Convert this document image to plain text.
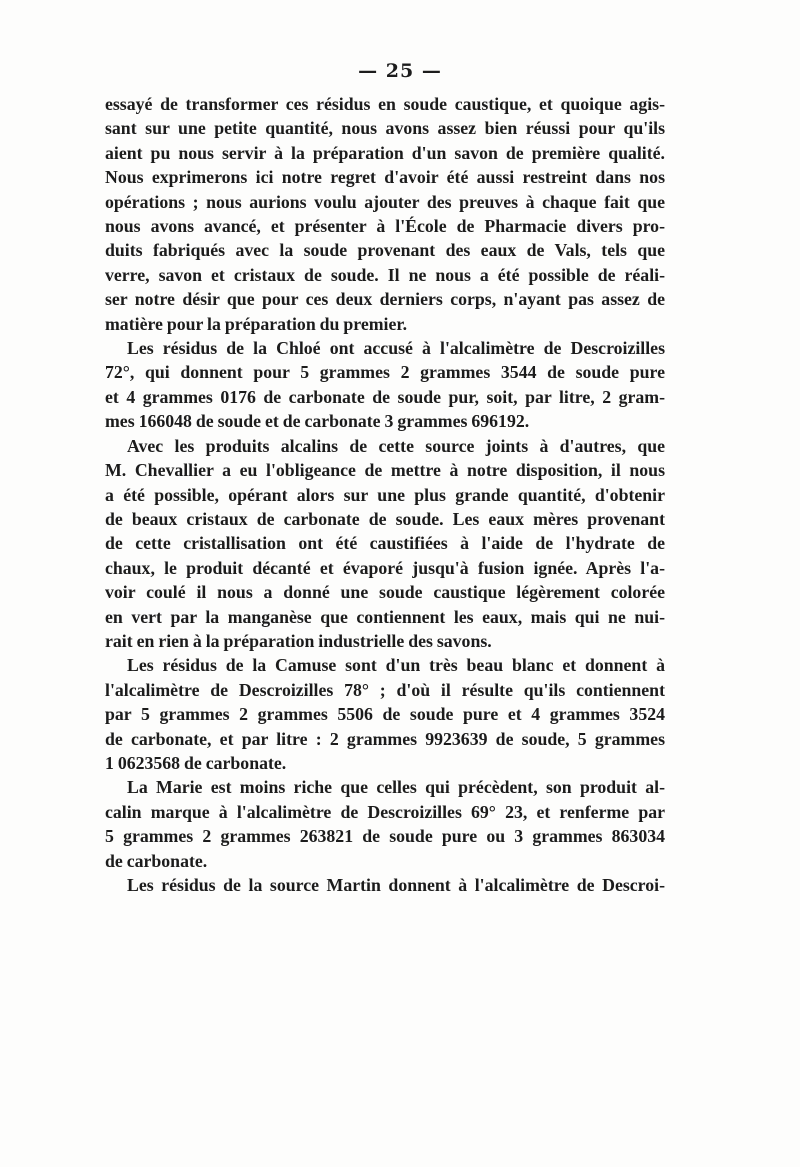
— 25 —

essayé de transformer ces résidus en soude caustique, et quoique agis-
sant sur une petite quantité, nous avons assez bien réussi pour qu'ils
aient pu nous servir à la préparation d'un savon de première qualité.
Nous exprimerons ici notre regret d'avoir été aussi restreint dans nos
opérations ; nous aurions voulu ajouter des preuves à chaque fait que
nous avons avancé, et présenter à l'École de Pharmacie divers pro-
duits fabriqués avec la soude provenant des eaux de Vals, tels que
verre, savon et cristaux de soude. Il ne nous a été possible de réali-
ser notre désir que pour ces deux derniers corps, n'ayant pas assez de
matière pour la préparation du premier.

Les résidus de la Chloé ont accusé à l'alcalimètre de Descroizilles
72°, qui donnent pour 5 grammes 2 grammes 3544 de soude pure
et 4 grammes 0176 de carbonate de soude pur, soit, par litre, 2 gram-
mes 166048 de soude et de carbonate 3 grammes 696192.

Avec les produits alcalins de cette source joints à d'autres, que
M. Chevallier a eu l'obligeance de mettre à notre disposition, il nous
a été possible, opérant alors sur une plus grande quantité, d'obtenir
de beaux cristaux de carbonate de soude. Les eaux mères provenant
de cette cristallisation ont été caustifiées à l'aide de l'hydrate de
chaux, le produit décanté et évaporé jusqu'à fusion ignée. Après l'a-
voir coulé il nous a donné une soude caustique légèrement colorée
en vert par la manganèse que contiennent les eaux, mais qui ne nui-
rait en rien à la préparation industrielle des savons.

Les résidus de la Camuse sont d'un très beau blanc et donnent à
l'alcalimètre de Descroizilles 78° ; d'où il résulte qu'ils contiennent
par 5 grammes 2 grammes 5506 de soude pure et 4 grammes 3524
de carbonate, et par litre : 2 grammes 9923639 de soude, 5 grammes
1 0623568 de carbonate.

La Marie est moins riche que celles qui précèdent, son produit al-
calin marque à l'alcalimètre de Descroizilles 69° 23, et renferme par
5 grammes 2 grammes 263821 de soude pure ou 3 grammes 863034
de carbonate.

Les résidus de la source Martin donnent à l'alcalimètre de Descroi-
